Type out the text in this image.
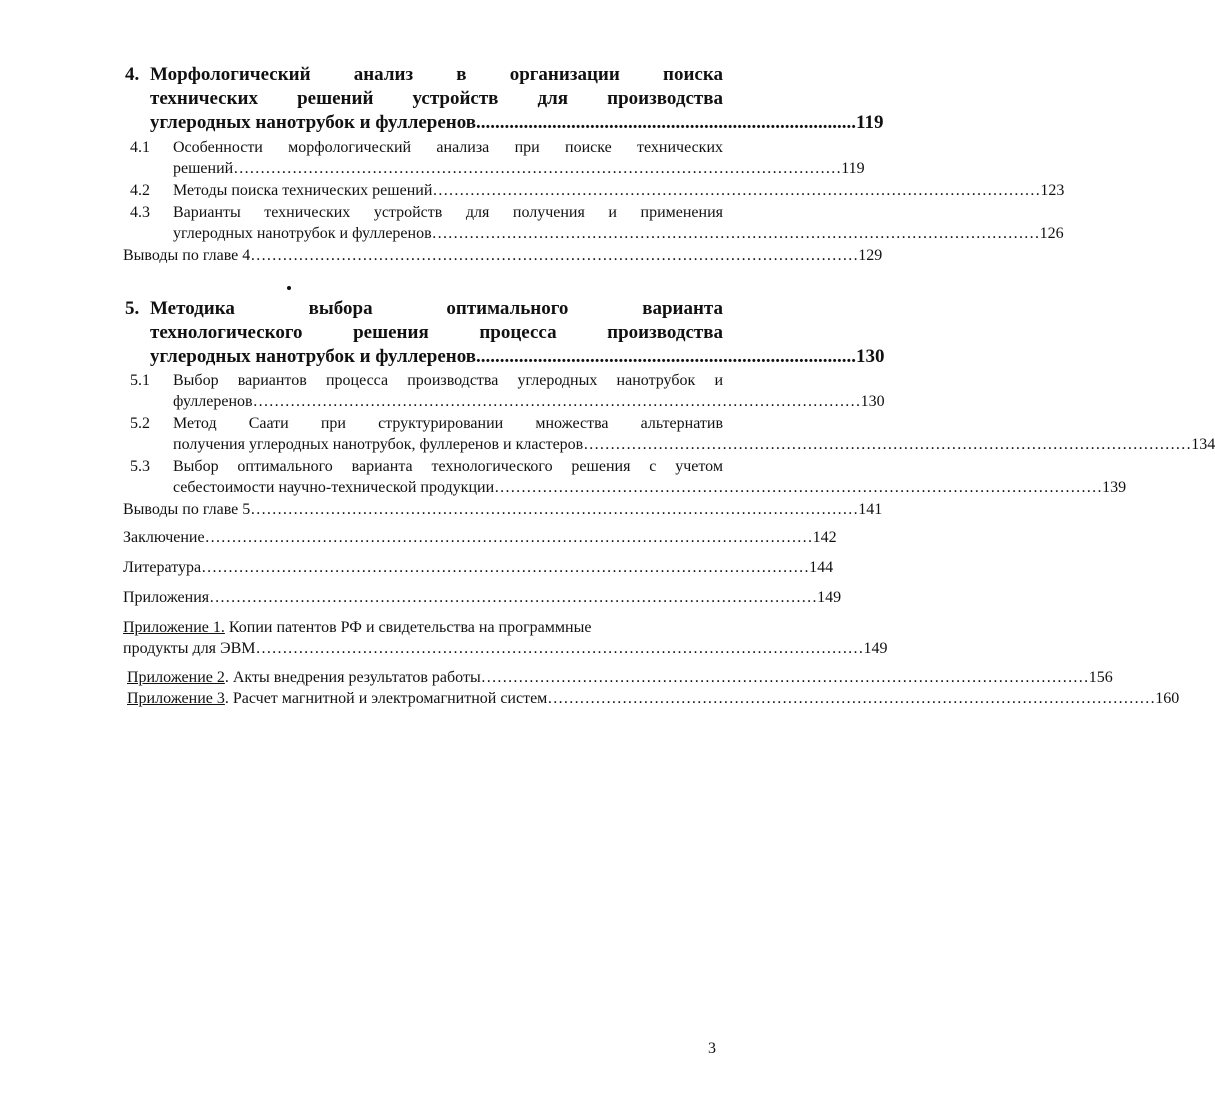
4. Морфологический анализ в организации поиска
технических решений устройств для производства
углеродных нанотрубок и фуллеренов ................................................................................ 119
4.1	Особенности морфологический анализа при поиске технических
решений …………………………………………………………………………………………………… 119
4.2	Методы поиска технических решений …………………………………………………………………………………………………… 123
4.3	Варианты технических устройств для получения и применения
углеродных нанотрубок и фуллеренов …………………………………………………………………………………………………… 126
Выводы по главе 4 …………………………………………………………………………………………………… 129
5. Методика выбора оптимального варианта
технологического решения процесса производства
углеродных нанотрубок и фуллеренов ................................................................................ 130
5.1	Выбор вариантов процесса производства углеродных нанотрубок и
фуллеренов …………………………………………………………………………………………………… 130
5.2	Метод Саати при структурировании множества альтернатив
получения углеродных нанотрубок, фуллеренов и кластеров …………………………………………………………………………………………………… 134
5.3	Выбор оптимального варианта технологического решения с учетом
себестоимости научно-технической продукции …………………………………………………………………………………………………… 139
Выводы по главе 5 …………………………………………………………………………………………………… 141
Заключение …………………………………………………………………………………………………… 142
Литература …………………………………………………………………………………………………… 144
Приложения …………………………………………………………………………………………………… 149
Приложение 1. Копии патентов РФ и свидетельства на программные
продукты для ЭВМ …………………………………………………………………………………………………… 149
Приложение 2. Акты внедрения результатов работы …………………………………………………………………………………………………… 156
Приложение 3. Расчет магнитной и электромагнитной систем …………………………………………………………………………………………………… 160
3
